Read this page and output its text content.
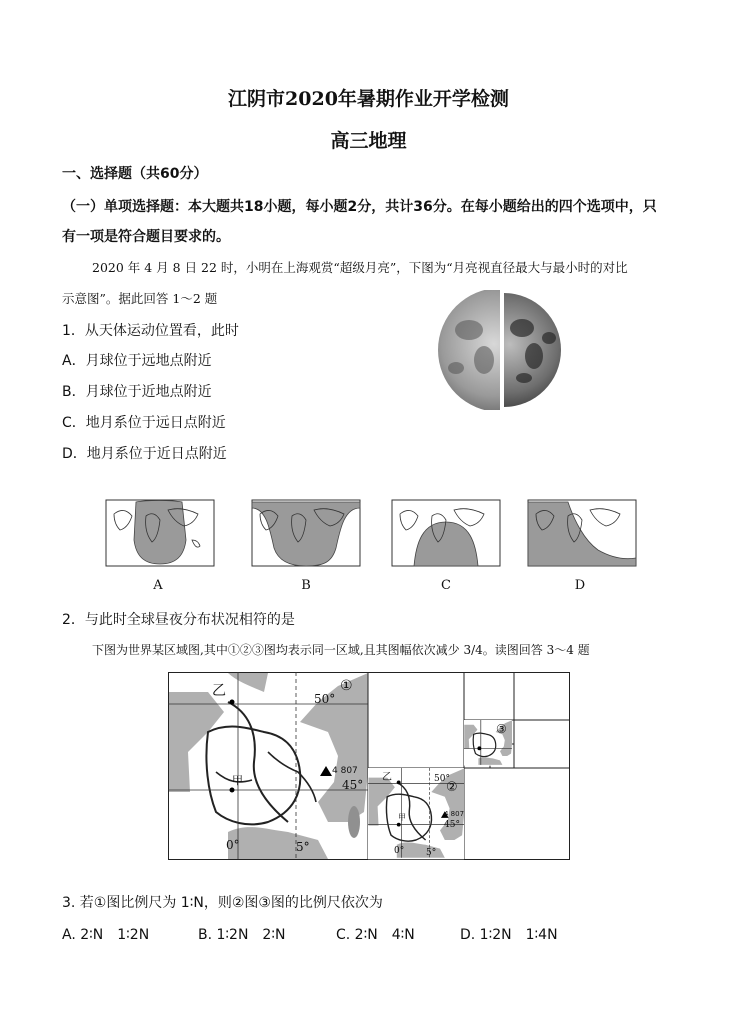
江阴市2020年暑期作业开学检测
高三地理
一、选择题（共60分）
（一）单项选择题：本大题共18小题，每小题2分，共计36分。在每小题给出的四个选项中，只
有一项是符合题目要求的。
2020 年 4 月 8 日 22 时，小明在上海观赏“超级月亮”，下图为“月亮视直径最大与最小时的对比
示意图”。据此回答 1～2 题
1．从天体运动位置看，此时
A．月球位于远地点附近
B．月球位于近地点附近
C．地月系位于远日点附近
D．地月系位于近日点附近
“超级月亮”
看起来大了
14%，亮了
30%
月亮看
起来最
小的时
候
A	B	C	D
2．与此时全球昼夜分布状况相符的是
下图为世界某区域图,其中①②③图均表示同一区域,且其图幅依次减少 3/4。读图回答 3～4 题
①
乙
甲
50°
45°
0°	5°
4 807
②
乙
甲
50°
45°
0° 5°
4 807
③
3. 若①图比例尺为 1∶N，则②图③图的比例尺依次为
A. 2∶N　1∶2N	B. 1∶2N　2∶N	C. 2∶N　4∶N	D. 1∶2N　1∶4N
